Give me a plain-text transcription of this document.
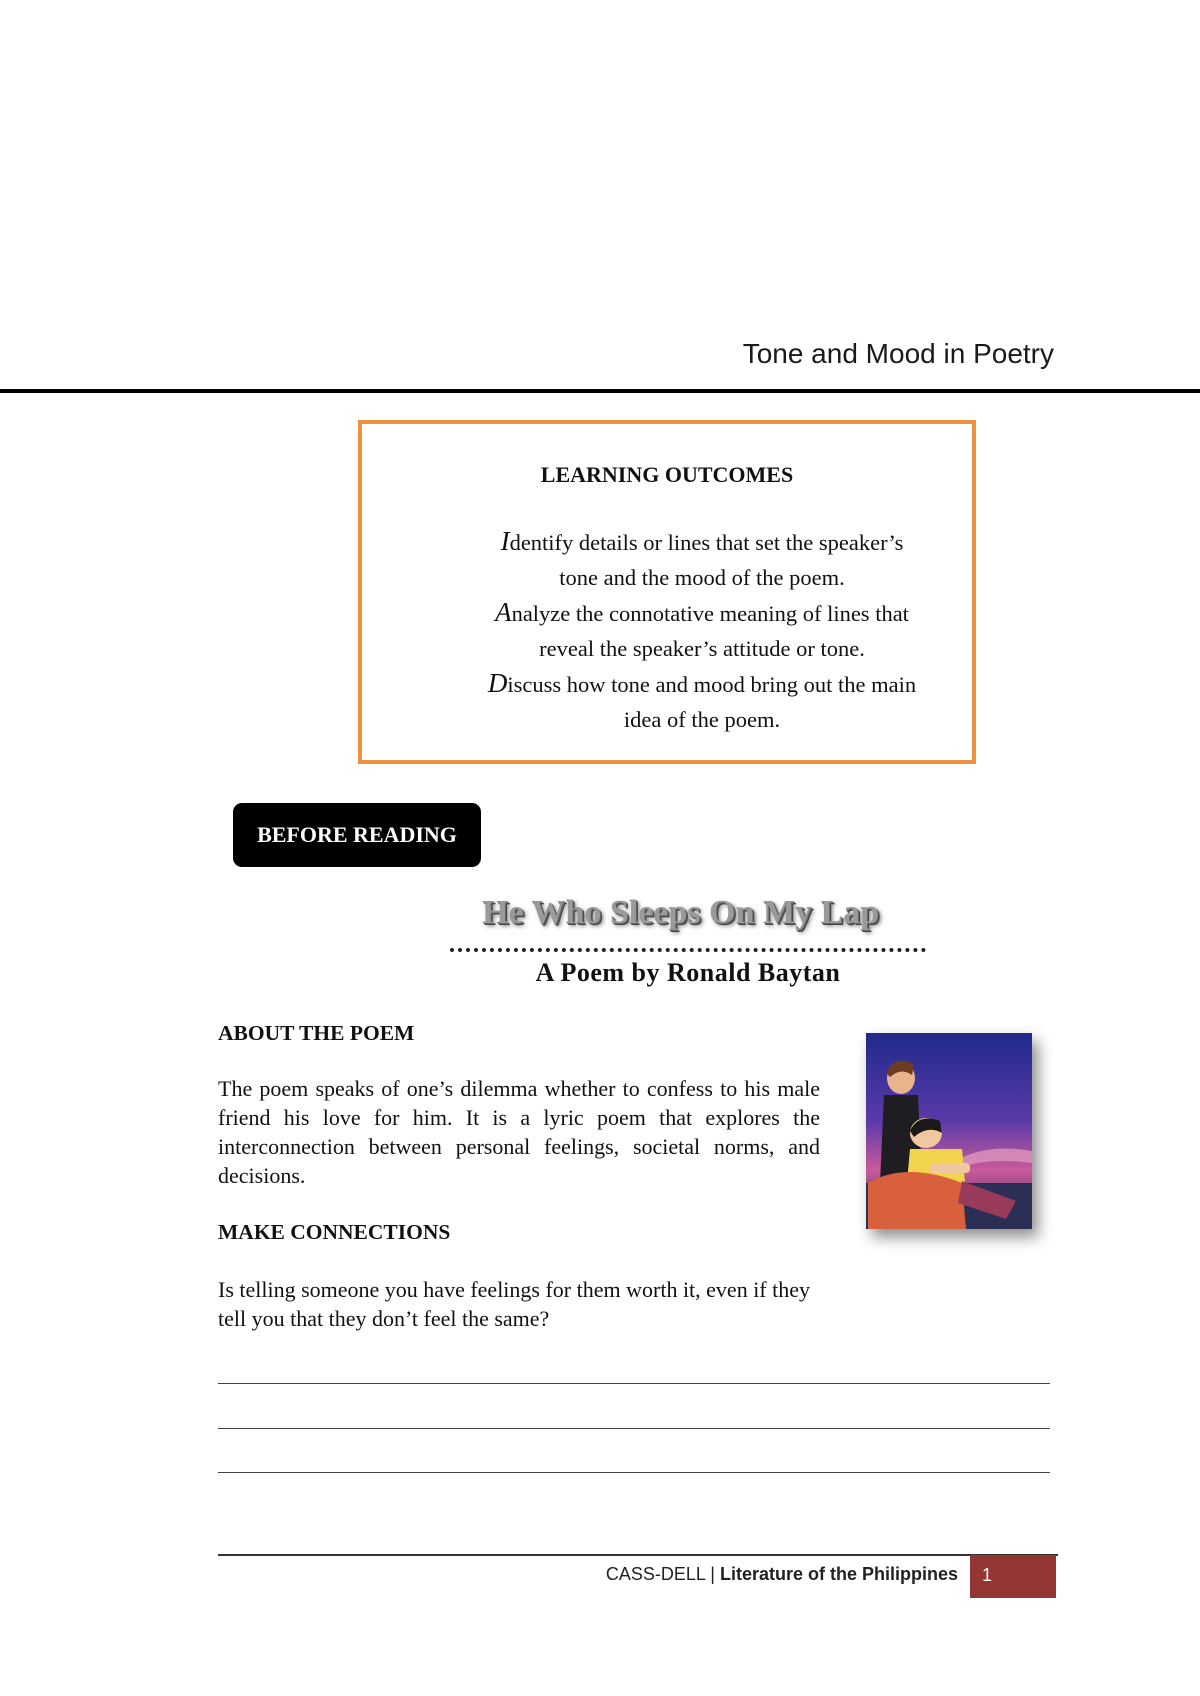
Tone and Mood in Poetry
LEARNING OUTCOMES
Identify details or lines that set the speaker’s
tone and the mood of the poem.
Analyze the connotative meaning of lines that
reveal the speaker’s attitude or tone.
Discuss how tone and mood bring out the main
idea of the poem.
BEFORE READING
He Who Sleeps On My Lap
A Poem by Ronald Baytan
ABOUT THE POEM
The poem speaks of one’s dilemma whether to confess to his male friend his love for him. It is a lyric poem that explores the interconnection between personal feelings, societal norms, and decisions.
MAKE CONNECTIONS
Is telling someone you have feelings for them worth it, even if they tell you that they don’t feel the same?
CASS-DELL | Literature of the Philippines	1
